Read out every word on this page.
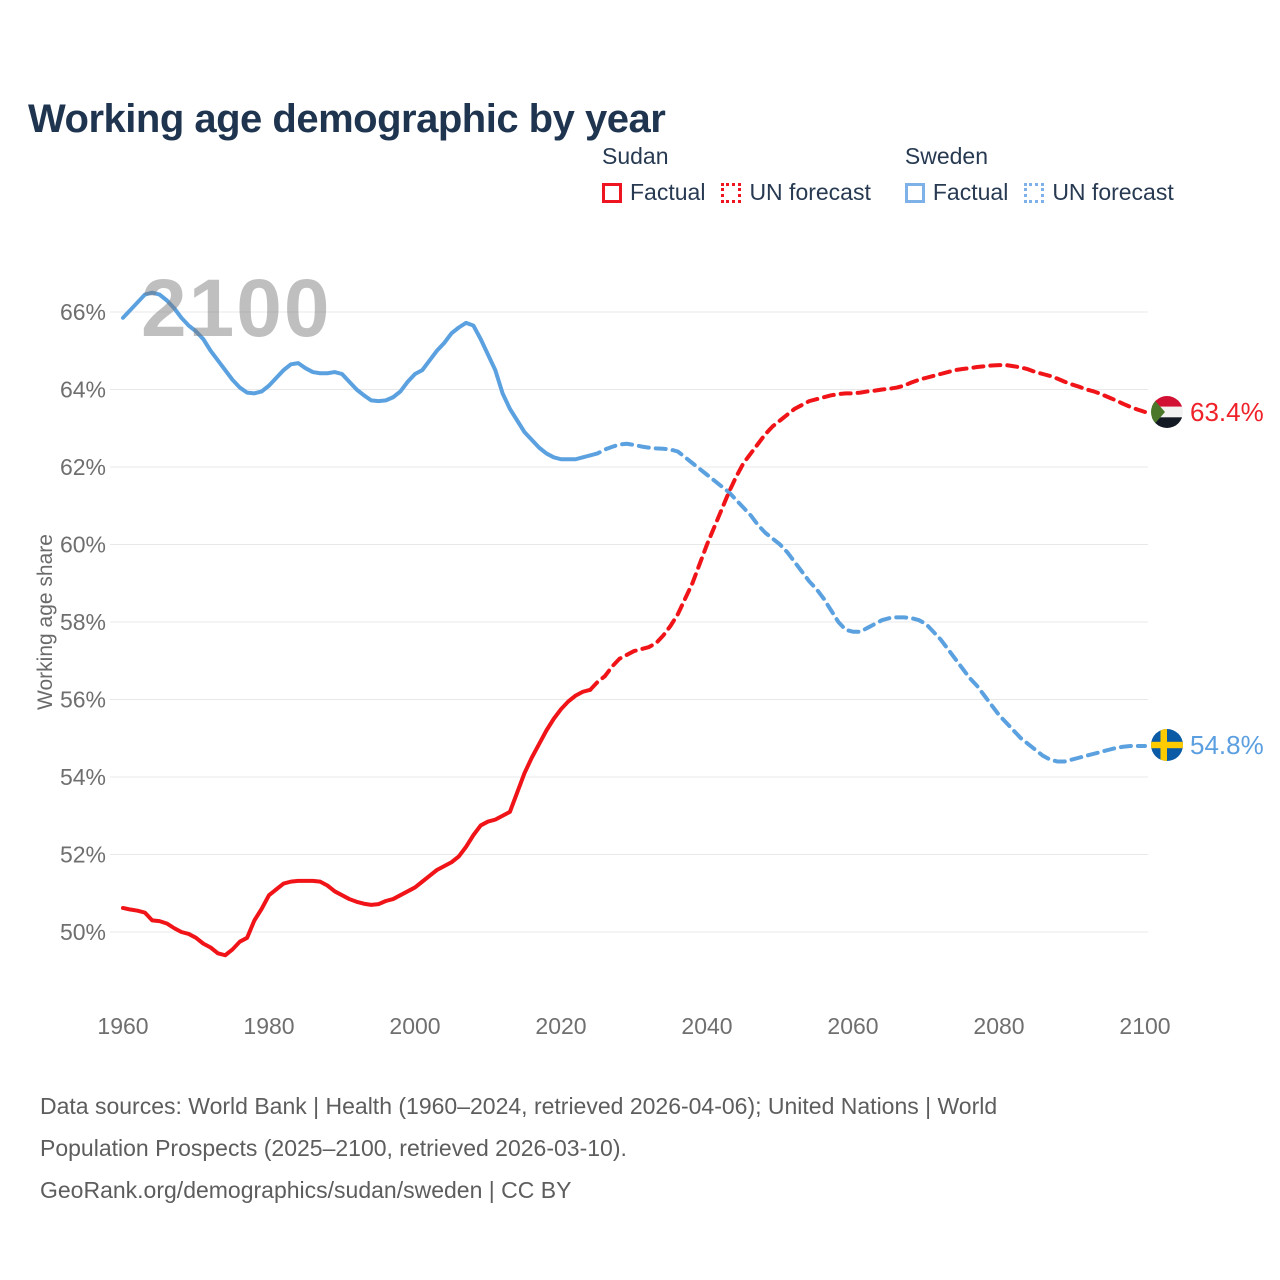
Working age demographic by year
Sudan
Factual UN forecast
Sweden
Factual UN forecast
50%
52%
54%
56%
58%
60%
62%
64%
66%
1960	1980	2000	2020	2040	2060	2080	2100
2100
Working age share
63.4%
54.8%
Data sources: World Bank | Health (1960–2024, retrieved 2026-04-06); United Nations | World
Population Prospects (2025–2100, retrieved 2026-03-10).
GeoRank.org/demographics/sudan/sweden | CC BY
